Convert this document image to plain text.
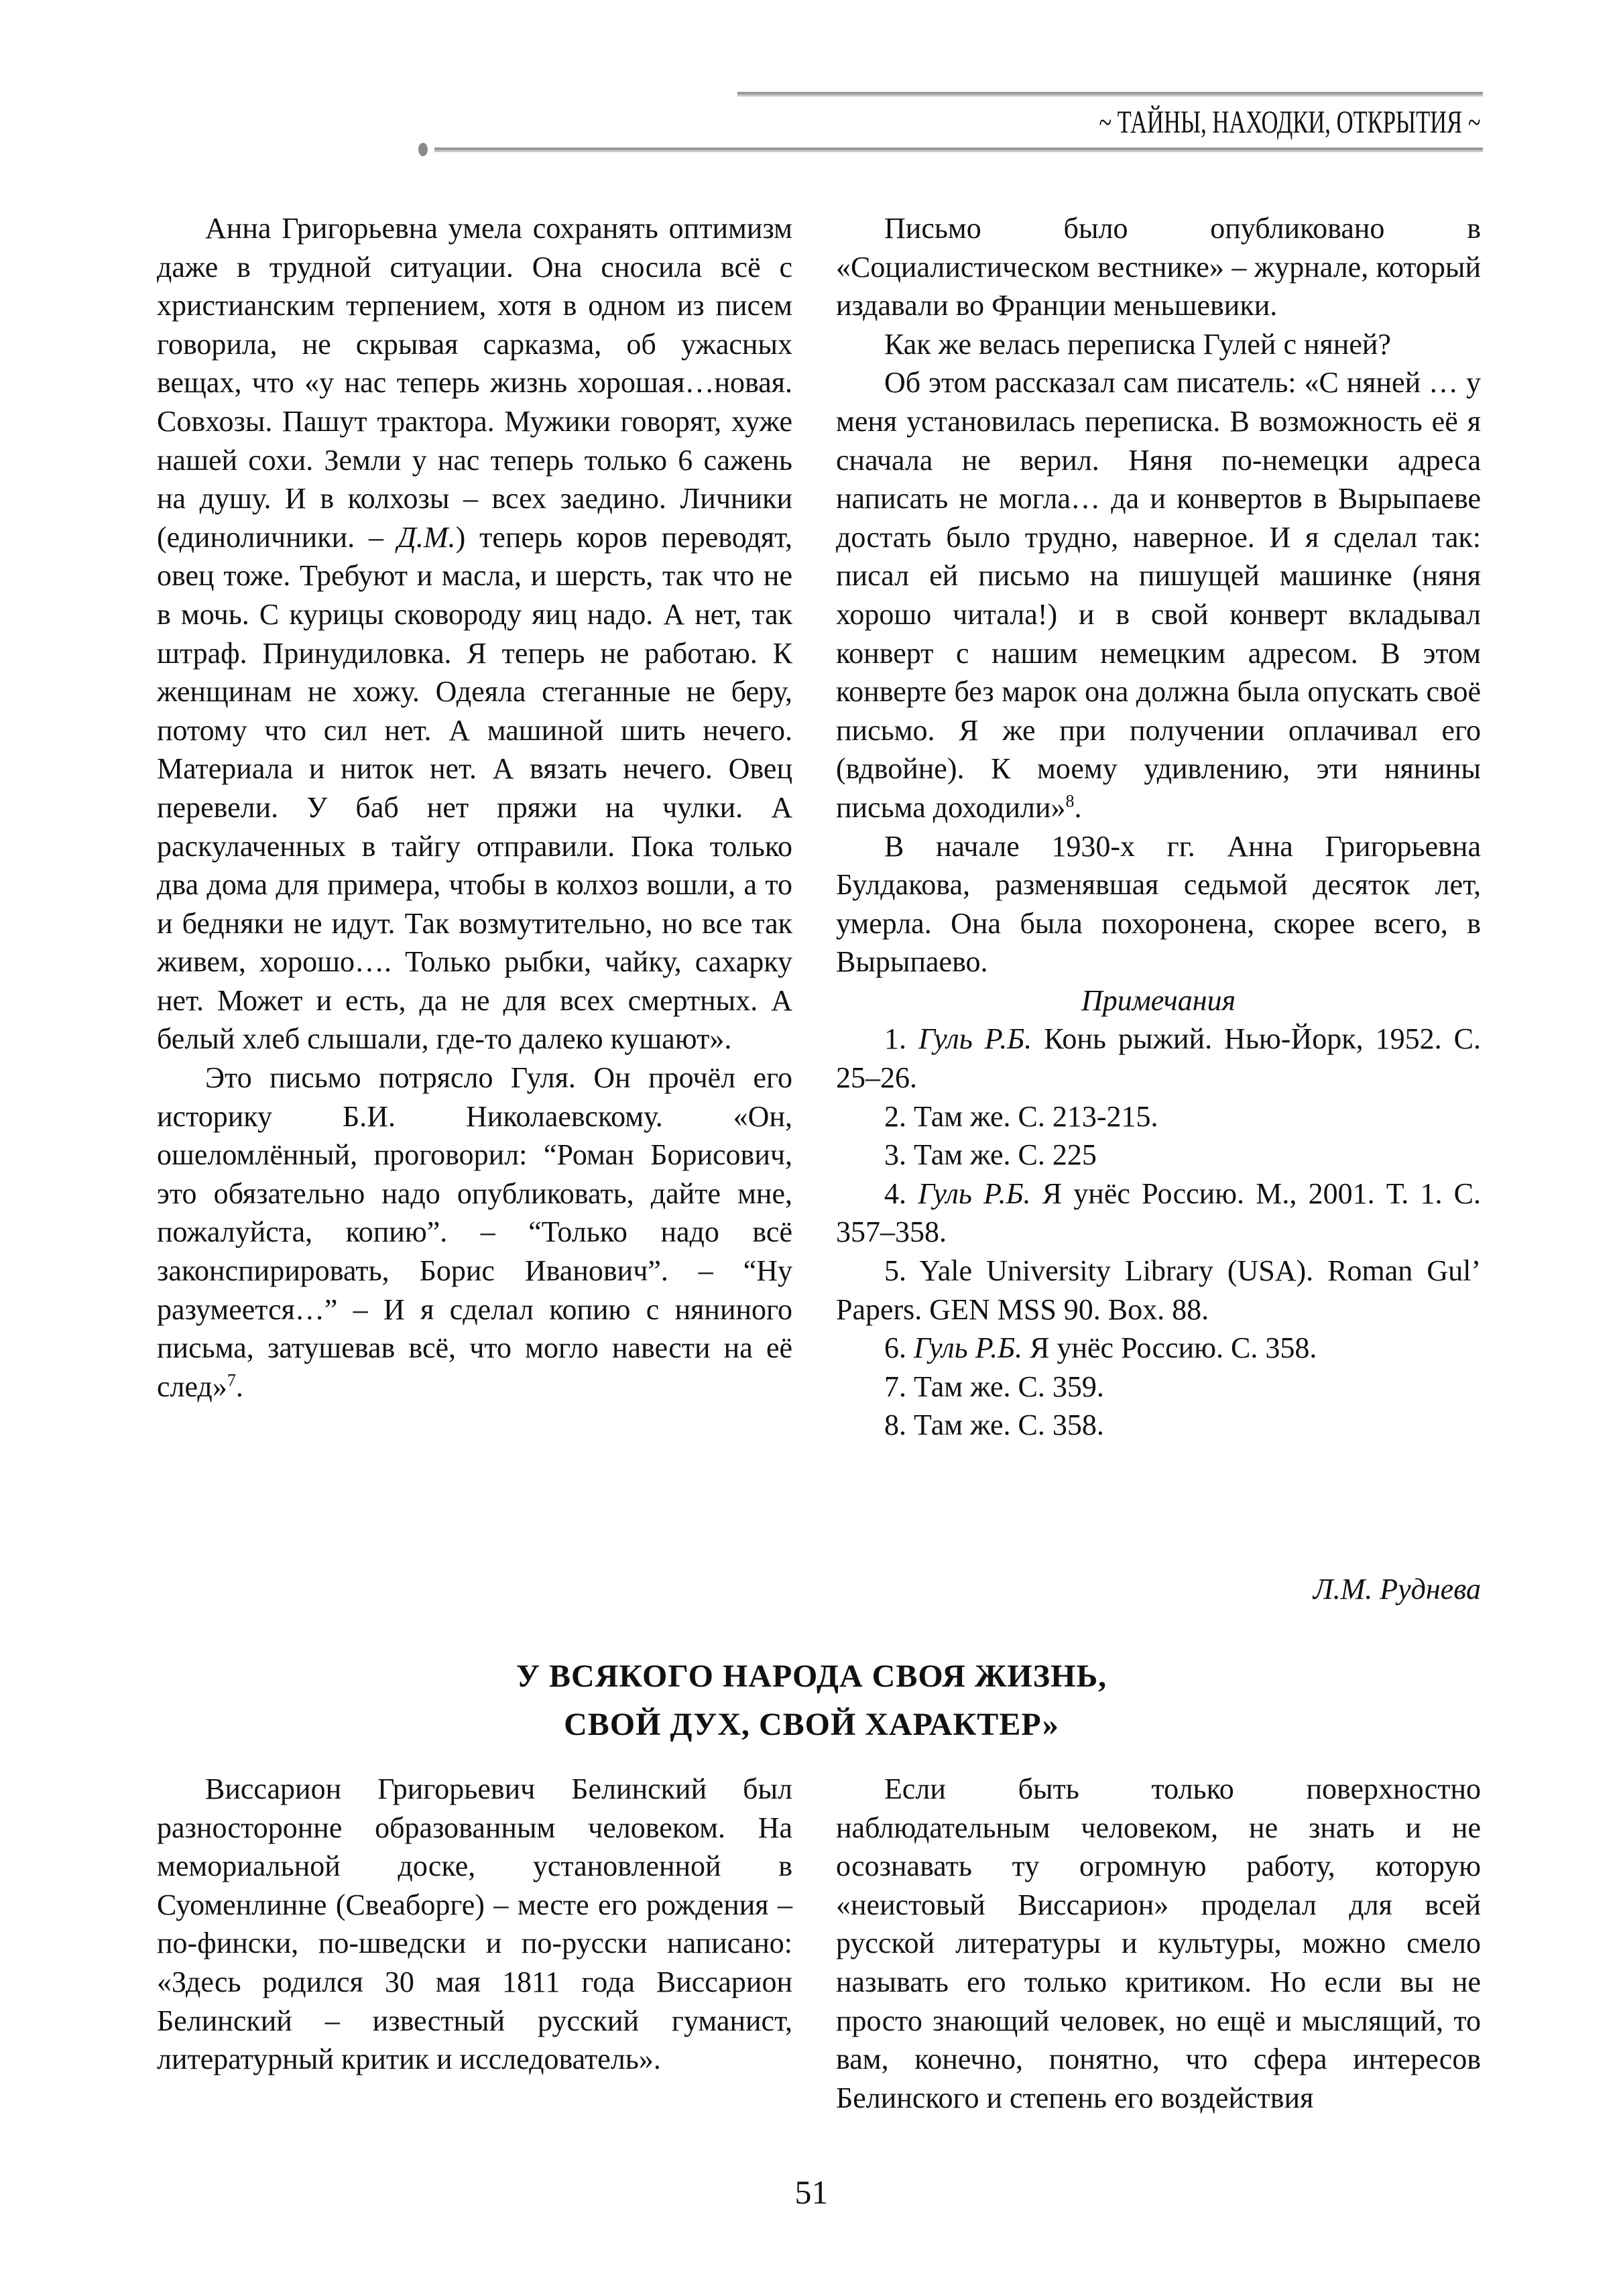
~ ТАЙНЫ, НАХОДКИ, ОТКРЫТИЯ ~

Анна Григорьевна умела сохранять оптимизм даже в трудной ситуации. Она сносила всё с христианским терпением, хотя в одном из писем говорила, не скрывая сарказма, об ужасных вещах, что «у нас теперь жизнь хорошая…новая. Совхозы. Пашут трактора. Мужики говорят, хуже нашей сохи. Земли у нас теперь только 6 сажень на душу. И в колхозы – всех заедино. Личники (единоличники. – Д.М.) теперь коров переводят, овец тоже. Требуют и масла, и шерсть, так что не в мочь. С курицы сковороду яиц надо. А нет, так штраф. Принудиловка. Я теперь не работаю. К женщинам не хожу. Одеяла стеганные не беру, потому что сил нет. А машиной шить нечего. Материала и ниток нет. А вязать нечего. Овец перевели. У баб нет пряжи на чулки. А раскулаченных в тайгу отправили. Пока только два дома для примера, чтобы в колхоз вошли, а то и бедняки не идут. Так возмутительно, но все так живем, хорошо…. Только рыбки, чайку, сахарку нет. Может и есть, да не для всех смертных. А белый хлеб слышали, где-то далеко кушают».

Это письмо потрясло Гуля. Он прочёл его историку Б.И. Николаевскому. «Он, ошеломлённый, проговорил: “Роман Борисович, это обязательно надо опубликовать, дайте мне, пожалуйста, копию”. – “Только надо всё законспирировать, Борис Иванович”. – “Ну разумеется…” – И я сделал копию с няниного письма, затушевав всё, что могло навести на её след»$^7$.

Письмо было опубликовано в «Социалистическом вестнике» – журнале, который издавали во Франции меньшевики.

Как же велась переписка Гулей с няней?

Об этом рассказал сам писатель: «С няней … у меня установилась переписка. В возможность её я сначала не верил. Няня по-немецки адреса написать не могла… да и конвертов в Вырыпаеве достать было трудно, наверное. И я сделал так: писал ей письмо на пишущей машинке (няня хорошо читала!) и в свой конверт вкладывал конверт с нашим немецким адресом. В этом конверте без марок она должна была опускать своё письмо. Я же при получении оплачивал его (вдвойне). К моему удивлению, эти нянины письма доходили»$^8$.

В начале 1930-х гг. Анна Григорьевна Булдакова, разменявшая седьмой десяток лет, умерла. Она была похоронена, скорее всего, в Вырыпаево.

Примечания

1. Гуль Р.Б. Конь рыжий. Нью-Йорк, 1952. С. 25–26.

2. Там же. С. 213-215.

3. Там же. С. 225

4. Гуль Р.Б. Я унёс Россию. М., 2001. Т. 1. С. 357–358.

5. Yale University Library (USA). Roman Gul’ Papers. GEN MSS 90. Box. 88.

6. Гуль Р.Б. Я унёс Россию. С. 358.

7. Там же. С. 359.

8. Там же. С. 358.

Л.М. Руднева
У ВСЯКОГО НАРОДА СВОЯ ЖИЗНЬ,
СВОЙ ДУХ, СВОЙ ХАРАКТЕР»

Виссарион Григорьевич Белинский был разносторонне образованным человеком. На мемориальной доске, установленной в Суоменлинне (Свеаборге) – месте его рождения – по-фински, по-шведски и по-русски написано: «Здесь родился 30 мая 1811 года Виссарион Белинский – известный русский гуманист, литературный критик и исследователь».

Если быть только поверхностно наблюдательным человеком, не знать и не осознавать ту огромную работу, которую «неистовый Виссарион» проделал для всей русской литературы и культуры, можно смело называть его только критиком. Но если вы не просто знающий человек, но ещё и мыслящий, то вам, конечно, понятно, что сфера интересов Белинского и степень его воздействия

51
